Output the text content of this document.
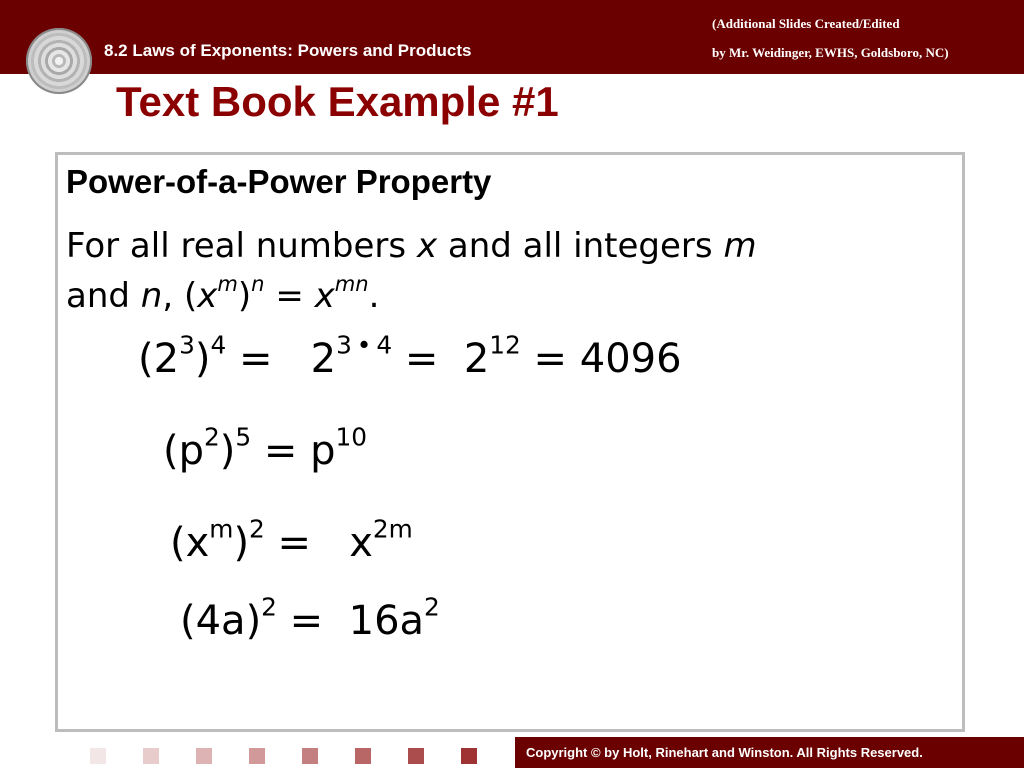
8.2 Laws of Exponents: Powers and Products
(Additional Slides Created/Edited
by Mr. Weidinger, EWHS, Goldsboro, NC)
Text Book Example #1
Power-of-a-Power Property
For all real numbers x and all integers m
and n, $(x^m)^n = x^{mn}$.
$(2^3)^4 = 2^{3 • 4} = 2^{12} = 4096$
$(p^2)^5 = p^{10}$
$(x^m)^2 = x^{2m}$
$(4a)^2 = 16a^2$
Copyright © by Holt, Rinehart and Winston. All Rights Reserved.
